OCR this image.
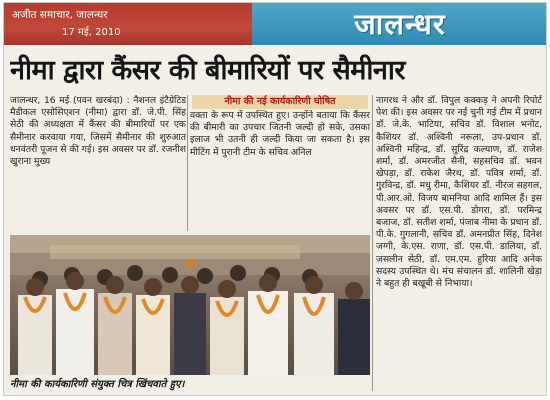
अजीत समाचार, जालन्धर
17 मई, 2010	जालन्धर
नीमा द्वारा कैंसर की बीमारियों पर सैमीनार
जालन्धर, 16 मई (पवन खरबंदा) : नैशनल इंटैग्रेटिड मैडीकल एसोसिएशन (नीमा) द्वारा डॉ. जे.पी. सिंह सेठी की अध्यक्षता में कैंसर की बीमारियों पर एक सैमीनार करवाया गया, जिसमें सैमीनार की शुरुआत धनवंतरी पूजन से की गई। इस अवसर पर डॉ. रजनीश खुराना मुख्य
नीमा की नई कार्यकारिणी घोषित
वक्ता के रूप में उपस्थित हुए। उन्होंने बताया कि कैंसर की बीमारी का उपचार जितनी जल्दी हो सके, उसका इलाज भी उतनी ही जल्दी किया जा सकता है। इस मीटिंग में पुरानी टीम के सचिव अनिल
नागरथ ने और डॉ. विपुल कक्कड़ ने अपनी रिपोर्ट पेश की। इस अवसर पर नई चुनी गई टीम में प्रधान डॉ. जे.के. भाटिया, सचिव डॉ. विशाल भनोट, कैशियर डॉ. अश्विनी नरूला, उप-प्रधान डॉ. अश्विनी महिन्द्र, डॉ. सुरिंद्र कल्याण, डॉ. राजेश शर्मा, डॉ. अमरजीत सैनी, सहसचिव डॉ. भवन खेपड़ा, डॉ. राकेश जैरथ, डॉ. पवित्र शर्मा, डॉ. गुरविन्द्र, डॉ. मधु रीमा, कैशियर डॉ. नीरज सहगल, पी.आर.ओ. विजय बामनिया आदि शामिल हैं। इस अवसर पर डॉ. एस.पी. डोगरा, डॉ. परमिन्द्र बजाज, डॉ. सतीश शर्मा, पंजाब नीमा के प्रधान डॉ. पी.के. गुगलानी, सचिव डॉ. अमनप्रीत सिंह, दिनेश जग्गी, के.एस. राणा, डॉ. एस.पी. डालिया, डॉ. जसलीन सेठी, डॉ. एम.एम. हुरिया आदि अनेक सदस्य उपस्थित थे। मंच संचालन डॉ. शालिनी खेड़ा ने बहुत ही बखूबी से निभाया।
नीमा की कार्यकारिणी संयुक्त चित्र खिंचवाते हुए।
